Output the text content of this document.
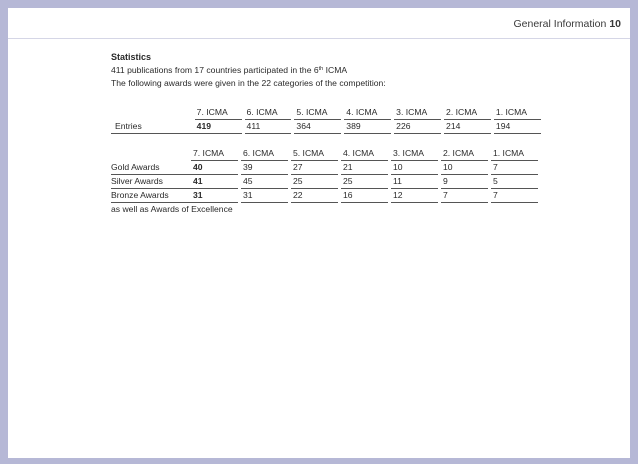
General Information 10
Statistics
411 publications from 17 countries participated in the 6th ICMA
The following awards were given in the 22 categories of the competition:
	7. ICMA		6. ICMA		5. ICMA		4. ICMA		3. ICMA		2. ICMA		1. ICMA
Entries	419		411		364		389		226		214		194
	7. ICMA		6. ICMA		5. ICMA		4. ICMA		3. ICMA		2. ICMA		1. ICMA
Gold Awards	40		39		27		21		10		10		7
Silver Awards	41		45		25		25		11		9		5
Bronze Awards	31		31		22		16		12		7		7
as well as Awards of Excellence
